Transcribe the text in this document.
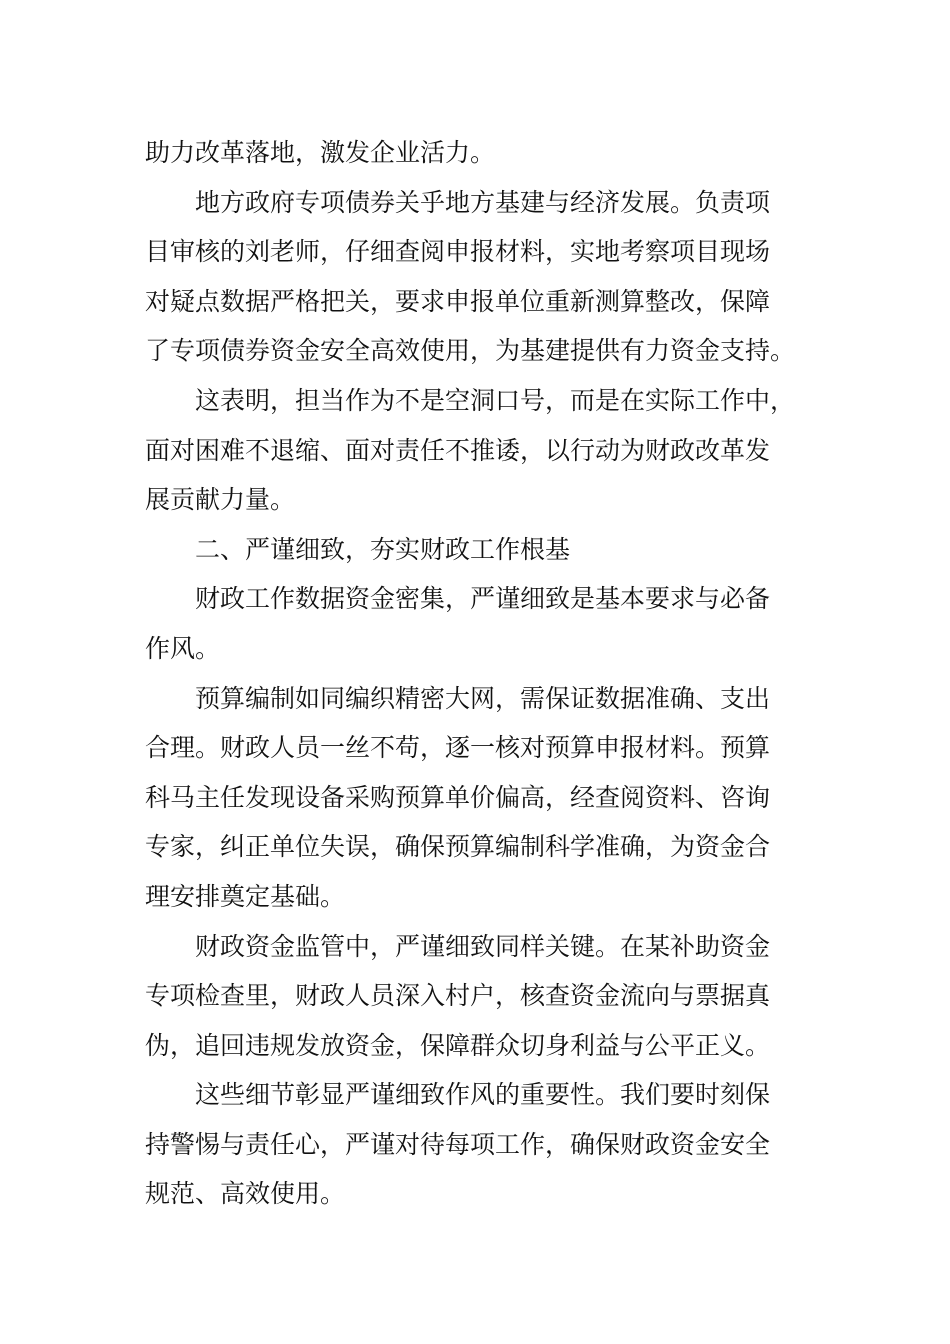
助力改革落地，激发企业活力。
地方政府专项债券关乎地方基建与经济发展。负责项
目审核的刘老师，仔细查阅申报材料，实地考察项目现场
对疑点数据严格把关，要求申报单位重新测算整改，保障
了专项债券资金安全高效使用，为基建提供有力资金支持。
这表明，担当作为不是空洞口号，而是在实际工作中，
面对困难不退缩、面对责任不推诿，以行动为财政改革发
展贡献力量。
二、严谨细致，夯实财政工作根基
财政工作数据资金密集，严谨细致是基本要求与必备
作风。
预算编制如同编织精密大网，需保证数据准确、支出
合理。财政人员一丝不苟，逐一核对预算申报材料。预算
科马主任发现设备采购预算单价偏高，经查阅资料、咨询
专家，纠正单位失误，确保预算编制科学准确，为资金合
理安排奠定基础。
财政资金监管中，严谨细致同样关键。在某补助资金
专项检查里，财政人员深入村户，核查资金流向与票据真
伪，追回违规发放资金，保障群众切身利益与公平正义。
这些细节彰显严谨细致作风的重要性。我们要时刻保
持警惕与责任心，严谨对待每项工作，确保财政资金安全
规范、高效使用。
